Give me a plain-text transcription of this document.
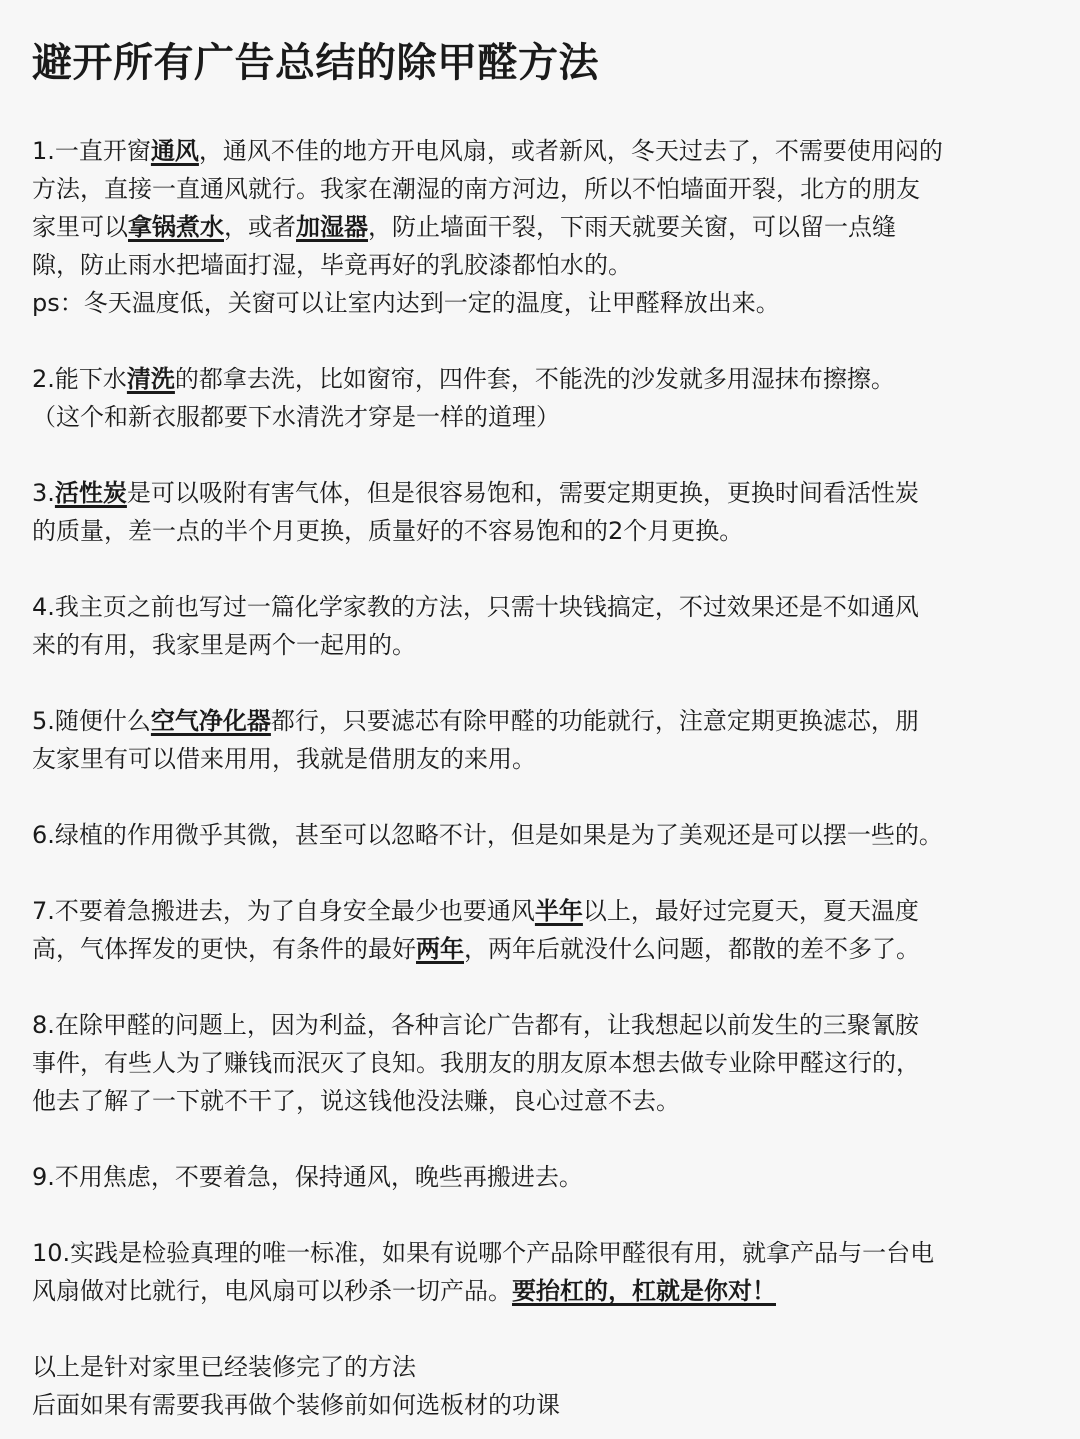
避开所有广告总结的除甲醛方法
1.一直开窗通风，通风不佳的地方开电风扇，或者新风，冬天过去了，不需要使用闷的
方法，直接一直通风就行。我家在潮湿的南方河边，所以不怕墙面开裂，北方的朋友
家里可以拿锅煮水，或者加湿器，防止墙面干裂，下雨天就要关窗，可以留一点缝
隙，防止雨水把墙面打湿，毕竟再好的乳胶漆都怕水的。
ps：冬天温度低，关窗可以让室内达到一定的温度，让甲醛释放出来。
2.能下水清洗的都拿去洗，比如窗帘，四件套，不能洗的沙发就多用湿抹布擦擦。
（这个和新衣服都要下水清洗才穿是一样的道理）
3.活性炭是可以吸附有害气体，但是很容易饱和，需要定期更换，更换时间看活性炭
的质量，差一点的半个月更换，质量好的不容易饱和的2个月更换。
4.我主页之前也写过一篇化学家教的方法，只需十块钱搞定，不过效果还是不如通风
来的有用，我家里是两个一起用的。
5.随便什么空气净化器都行，只要滤芯有除甲醛的功能就行，注意定期更换滤芯，朋
友家里有可以借来用用，我就是借朋友的来用。
6.绿植的作用微乎其微，甚至可以忽略不计，但是如果是为了美观还是可以摆一些的。
7.不要着急搬进去，为了自身安全最少也要通风半年以上，最好过完夏天，夏天温度
高，气体挥发的更快，有条件的最好两年，两年后就没什么问题，都散的差不多了。
8.在除甲醛的问题上，因为利益，各种言论广告都有，让我想起以前发生的三聚氰胺
事件，有些人为了赚钱而泯灭了良知。我朋友的朋友原本想去做专业除甲醛这行的，
他去了解了一下就不干了，说这钱他没法赚，良心过意不去。
9.不用焦虑，不要着急，保持通风，晚些再搬进去。
10.实践是检验真理的唯一标准，如果有说哪个产品除甲醛很有用，就拿产品与一台电
风扇做对比就行，电风扇可以秒杀一切产品。要抬杠的，杠就是你对！
以上是针对家里已经装修完了的方法
后面如果有需要我再做个装修前如何选板材的功课
